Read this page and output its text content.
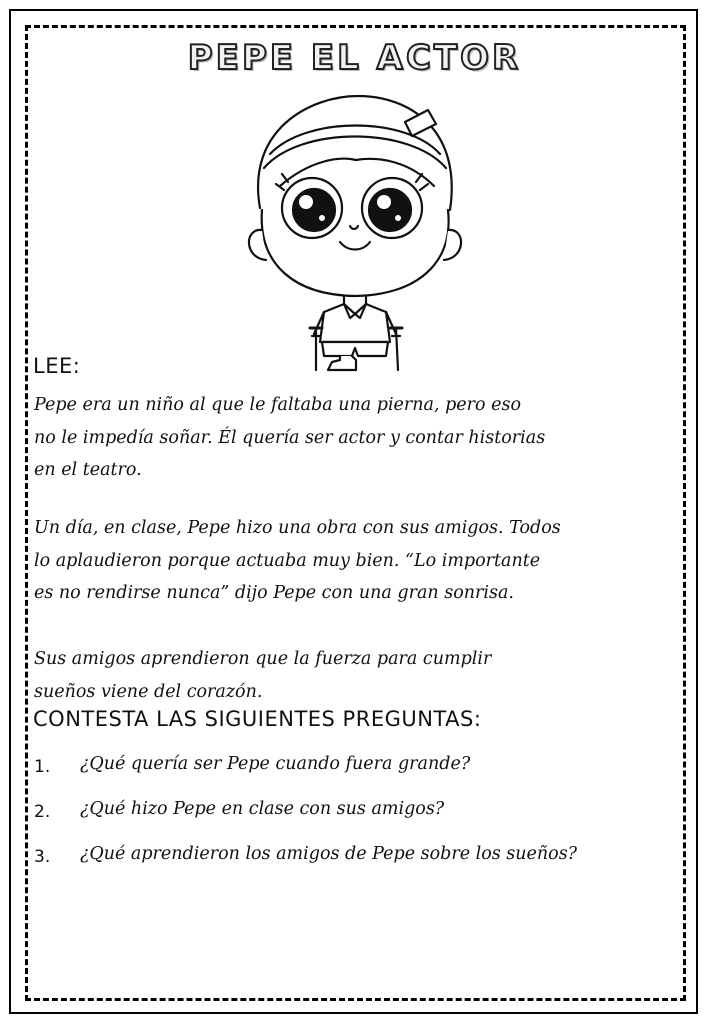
PEPE EL ACTOR
LEE:
Pepe era un niño al que le faltaba una pierna, pero eso
no le impedía soñar. Él quería ser actor y contar historias
en el teatro.
Un día, en clase, Pepe hizo una obra con sus amigos. Todos
lo aplaudieron porque actuaba muy bien. “Lo importante
es no rendirse nunca” dijo Pepe con una gran sonrisa.
Sus amigos aprendieron que la fuerza para cumplir
sueños viene del corazón.
CONTESTA LAS SIGUIENTES PREGUNTAS:
1.	¿Qué quería ser Pepe cuando fuera grande?
2.	¿Qué hizo Pepe en clase con sus amigos?
3.	¿Qué aprendieron los amigos de Pepe sobre los sueños?
